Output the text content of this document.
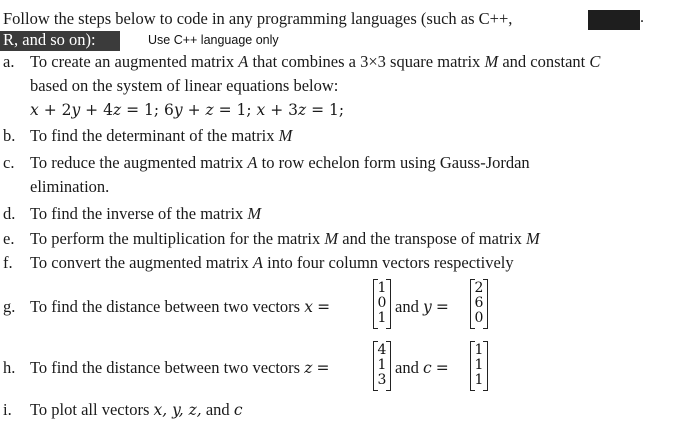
Follow the steps below to code in any programming languages (such as C++,	.
R, and so on):	Use C++ language only
a. To create an augmented matrix A that combines a 3×3 square matrix M and constant C
based on the system of linear equations below:
x + 2y + 4z = 1; 6y + z = 1; x + 3z = 1;
b. To find the determinant of the matrix M
c. To reduce the augmented matrix A to row echelon form using Gauss-Jordan
elimination.
d. To find the inverse of the matrix M
e. To perform the multiplication for the matrix M and the transpose of matrix M
f. To convert the augmented matrix A into four column vectors respectively
g. To find the distance between two vectors x =
1
0
1
and y =
2
6
0
h. To find the distance between two vectors z =
4
1
3
and c =
1
1
1
i. To plot all vectors x, y, z, and c
